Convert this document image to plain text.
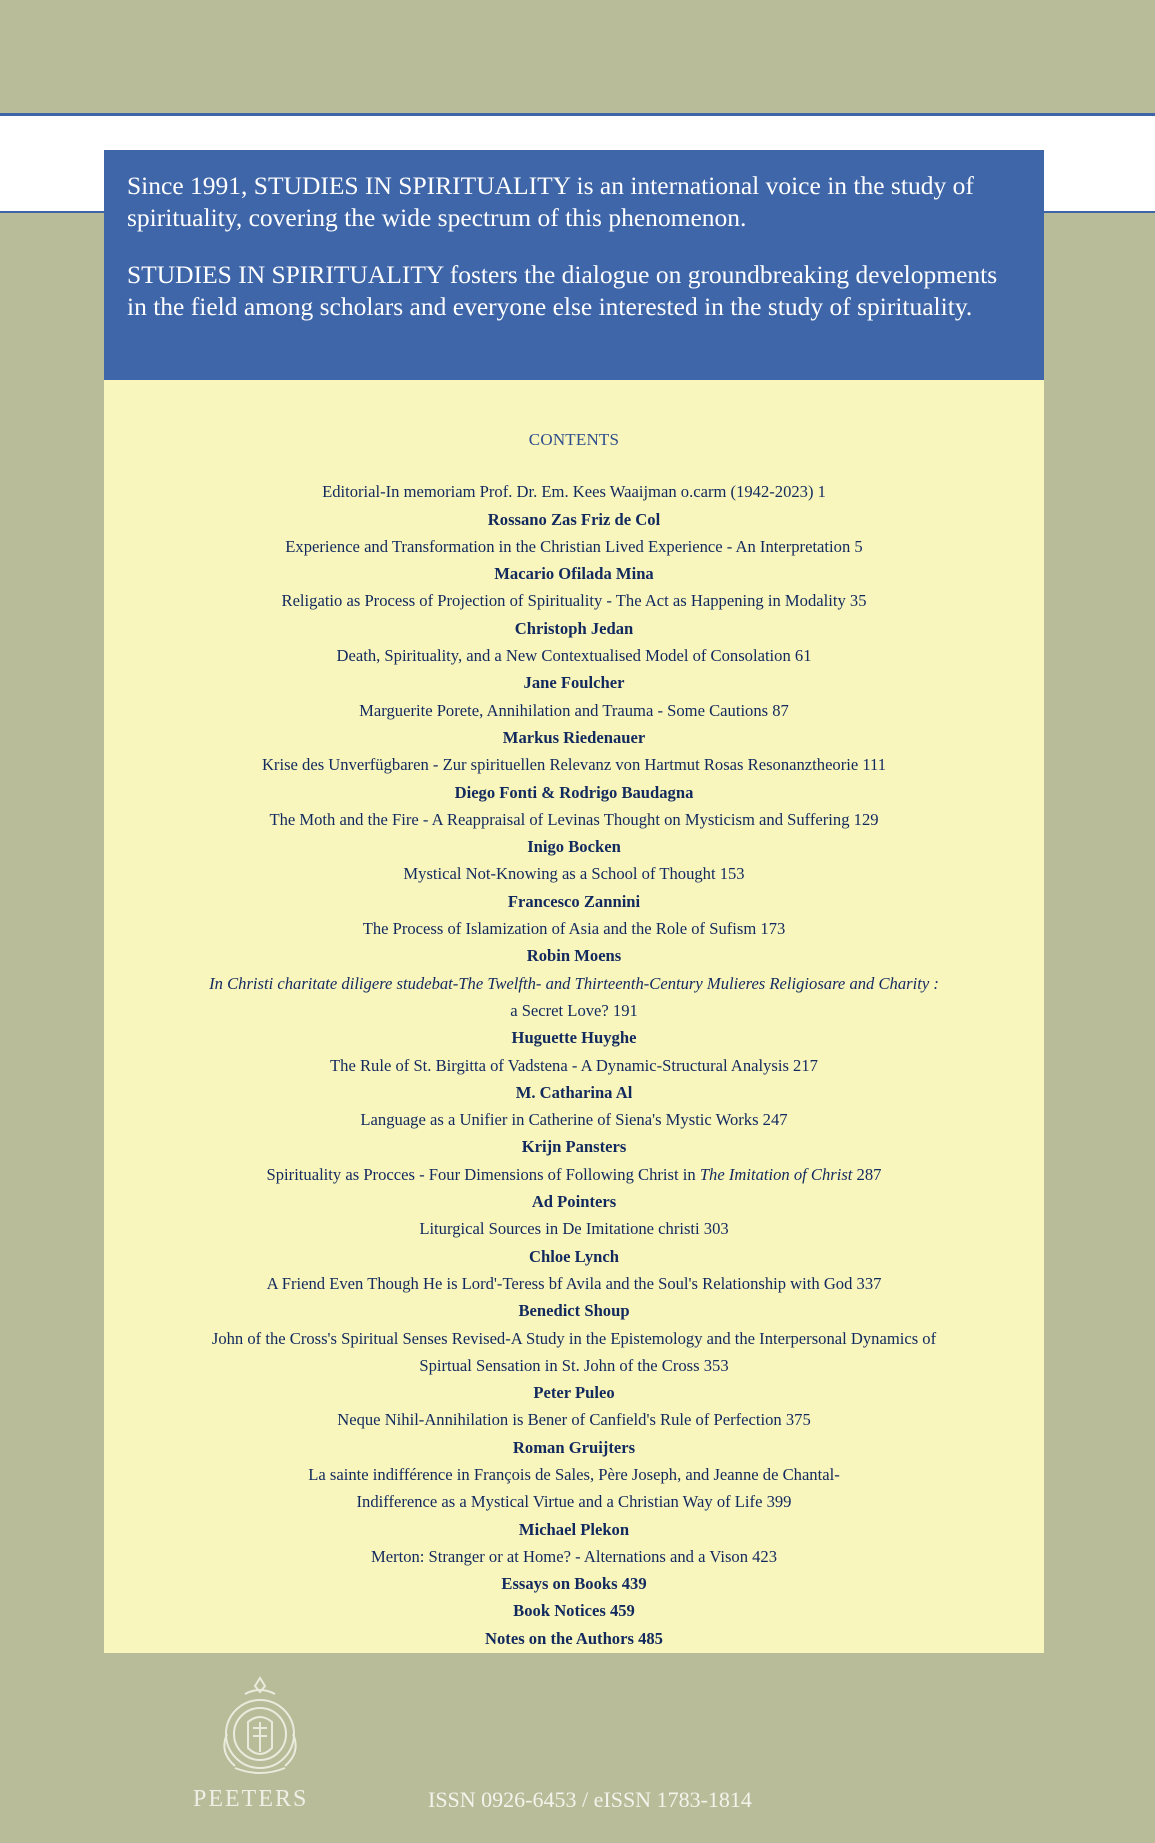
Since 1991, STUDIES IN SPIRITUALITY is an international voice in the study of spirituality, covering the wide spectrum of this phenomenon.

STUDIES IN SPIRITUALITY fosters the dialogue on groundbreaking developments in the field among scholars and everyone else interested in the study of spirituality.

CONTENTS
Editorial-In memoriam Prof. Dr. Em. Kees Waaijman o.carm (1942-2023) 1
Rossano Zas Friz de Col
Experience and Transformation in the Christian Lived Experience - An Interpretation 5
Macario Ofilada Mina
Religatio as Process of Projection of Spirituality - The Act as Happening in Modality 35
Christoph Jedan
Death, Spirituality, and a New Contextualised Model of Consolation 61
Jane Foulcher
Marguerite Porete, Annihilation and Trauma - Some Cautions 87
Markus Riedenauer
Krise des Unverfügbaren - Zur spirituellen Relevanz von Hartmut Rosas Resonanztheorie 111
Diego Fonti & Rodrigo Baudagna
The Moth and the Fire - A Reappraisal of Levinas Thought on Mysticism and Suffering 129
Inigo Bocken
Mystical Not-Knowing as a School of Thought 153
Francesco Zannini
The Process of Islamization of Asia and the Role of Sufism 173
Robin Moens
In Christi charitate diligere studebat-The Twelfth- and Thirteenth-Century Mulieres Religiosare and Charity :
a Secret Love? 191
Huguette Huyghe
The Rule of St. Birgitta of Vadstena - A Dynamic-Structural Analysis 217
M. Catharina Al
Language as a Unifier in Catherine of Siena's Mystic Works 247
Krijn Pansters
Spirituality as Procces - Four Dimensions of Following Christ in The Imitation of Christ 287
Ad Pointers
Liturgical Sources in De Imitatione christi 303
Chloe Lynch
A Friend Even Though He is Lord'-Teress bf Avila and the Soul's Relationship with God 337
Benedict Shoup
John of the Cross's Spiritual Senses Revised-A Study in the Epistemology and the Interpersonal Dynamics of
Spirtual Sensation in St. John of the Cross 353
Peter Puleo
Neque Nihil-Annihilation is Bener of Canfield's Rule of Perfection 375
Roman Gruijters
La sainte indifférence in François de Sales, Père Joseph, and Jeanne de Chantal-
Indifference as a Mystical Virtue and a Christian Way of Life 399
Michael Plekon
Merton: Stranger or at Home? - Alternations and a Vison 423
Essays on Books 439
Book Notices 459
Notes on the Authors 485
PEETERS	ISSN 0926-6453 / eISSN 1783-1814
